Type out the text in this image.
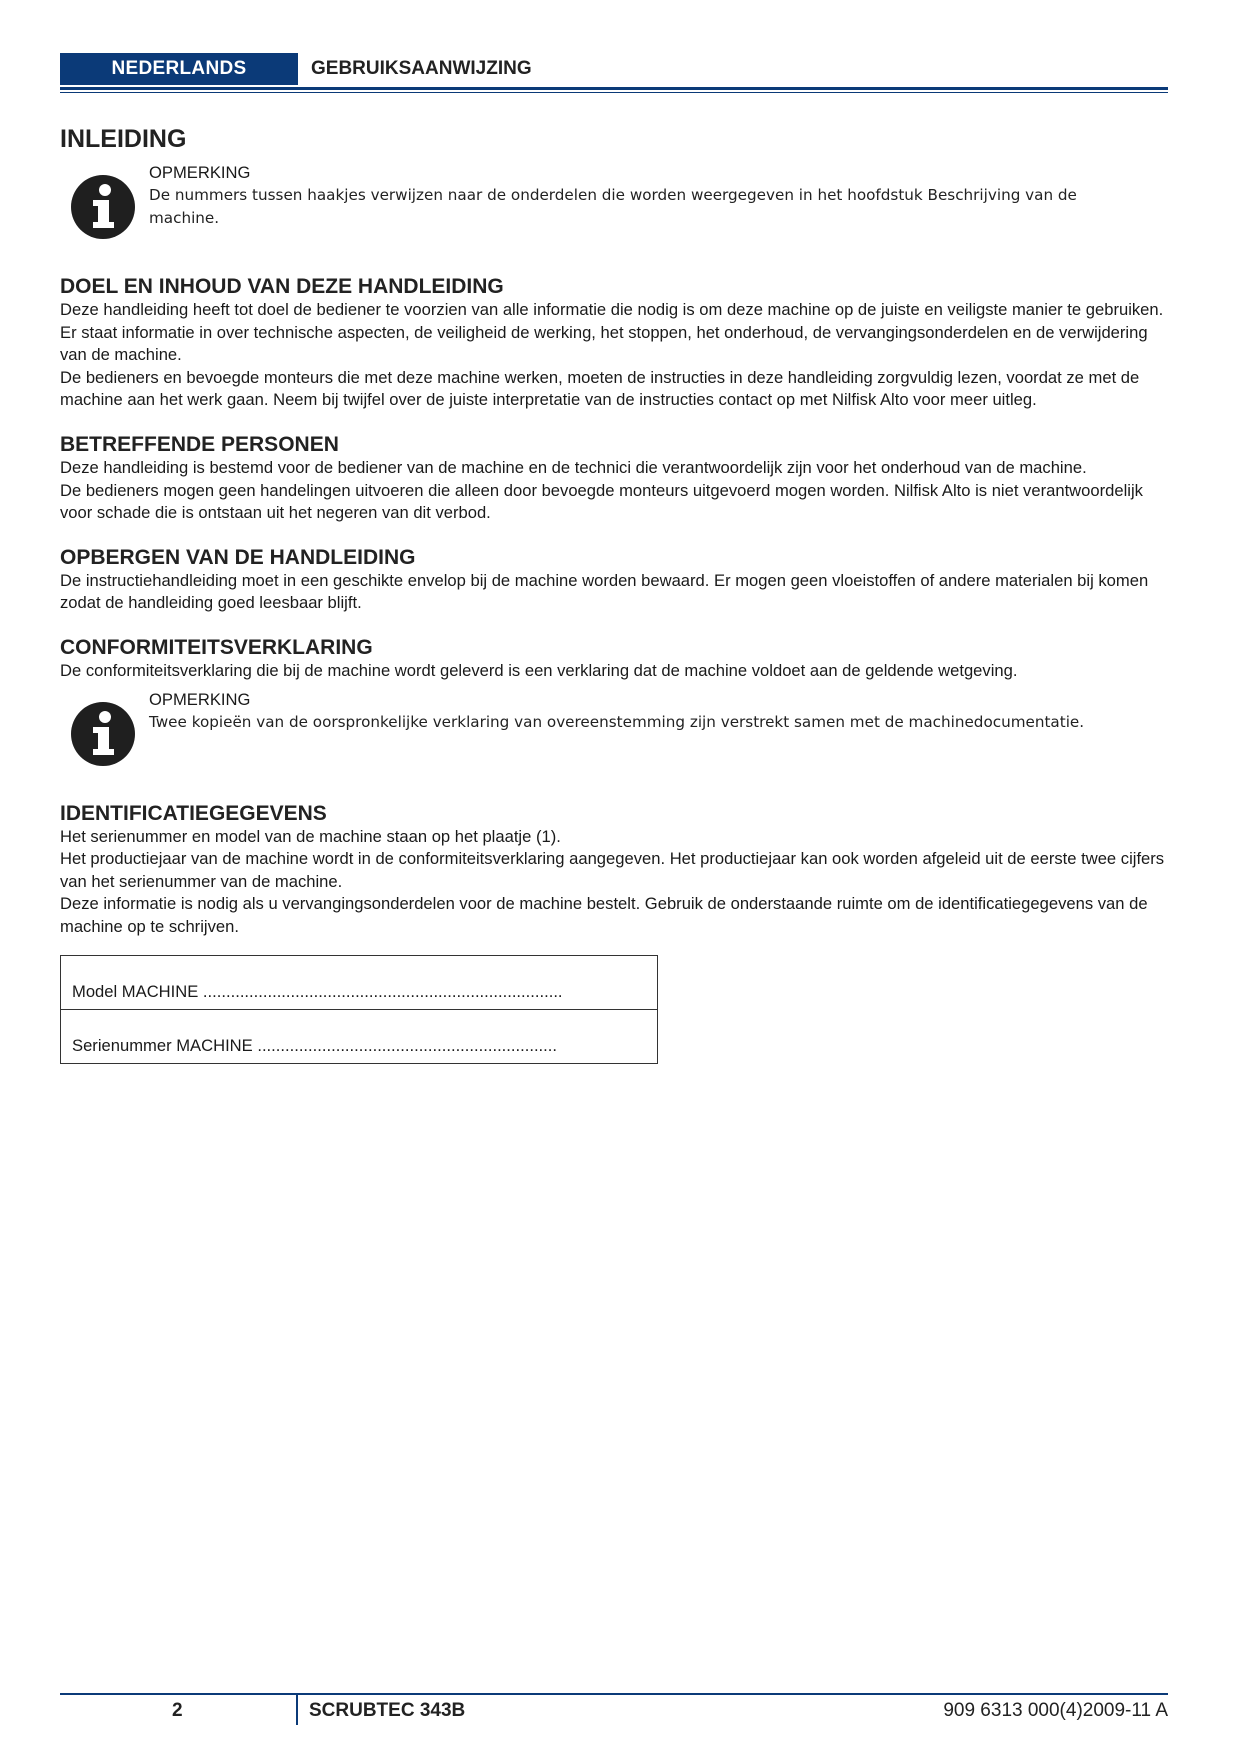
NEDERLANDS	GEBRUIKSAANWIJZING
INLEIDING
OPMERKING
De nummers tussen haakjes verwijzen naar de onderdelen die worden weergegeven in het hoofdstuk Beschrijving van de machine.
DOEL EN INHOUD VAN DEZE HANDLEIDING

Deze handleiding heeft tot doel de bediener te voorzien van alle informatie die nodig is om deze machine op de juiste en veiligste manier te gebruiken. Er staat informatie in over technische aspecten, de veiligheid de werking, het stoppen, het onderhoud, de vervangingsonderdelen en de verwijdering van de machine.

De bedieners en bevoegde monteurs die met deze machine werken, moeten de instructies in deze handleiding zorgvuldig lezen, voordat ze met de machine aan het werk gaan. Neem bij twijfel over de juiste interpretatie van de instructies contact op met Nilfisk Alto voor meer uitleg.

BETREFFENDE PERSONEN

Deze handleiding is bestemd voor de bediener van de machine en de technici die verantwoordelijk zijn voor het onderhoud van de machine.

De bedieners mogen geen handelingen uitvoeren die alleen door bevoegde monteurs uitgevoerd mogen worden. Nilfisk Alto is niet verantwoordelijk voor schade die is ontstaan uit het negeren van dit verbod.

OPBERGEN VAN DE HANDLEIDING

De instructiehandleiding moet in een geschikte envelop bij de machine worden bewaard. Er mogen geen vloeistoffen of andere materialen bij komen zodat de handleiding goed leesbaar blijft.

CONFORMITEITSVERKLARING

De conformiteitsverklaring die bij de machine wordt geleverd is een verklaring dat de machine voldoet aan de geldende wetgeving.

OPMERKING
Twee kopieën van de oorspronkelijke verklaring van overeenstemming zijn verstrekt samen met de machinedocumentatie.
IDENTIFICATIEGEGEVENS

Het serienummer en model van de machine staan op het plaatje (1).

Het productiejaar van de machine wordt in de conformiteitsverklaring aangegeven. Het productiejaar kan ook worden afgeleid uit de eerste twee cijfers van het serienummer van de machine.

Deze informatie is nodig als u vervangingsonderdelen voor de machine bestelt. Gebruik de onderstaande ruimte om de identificatiegegevens van de machine op te schrijven.

Model MACHINE ..............................................................................
Serienummer MACHINE .................................................................
2	SCRUBTEC 343B	909 6313 000(4)2009-11 A
